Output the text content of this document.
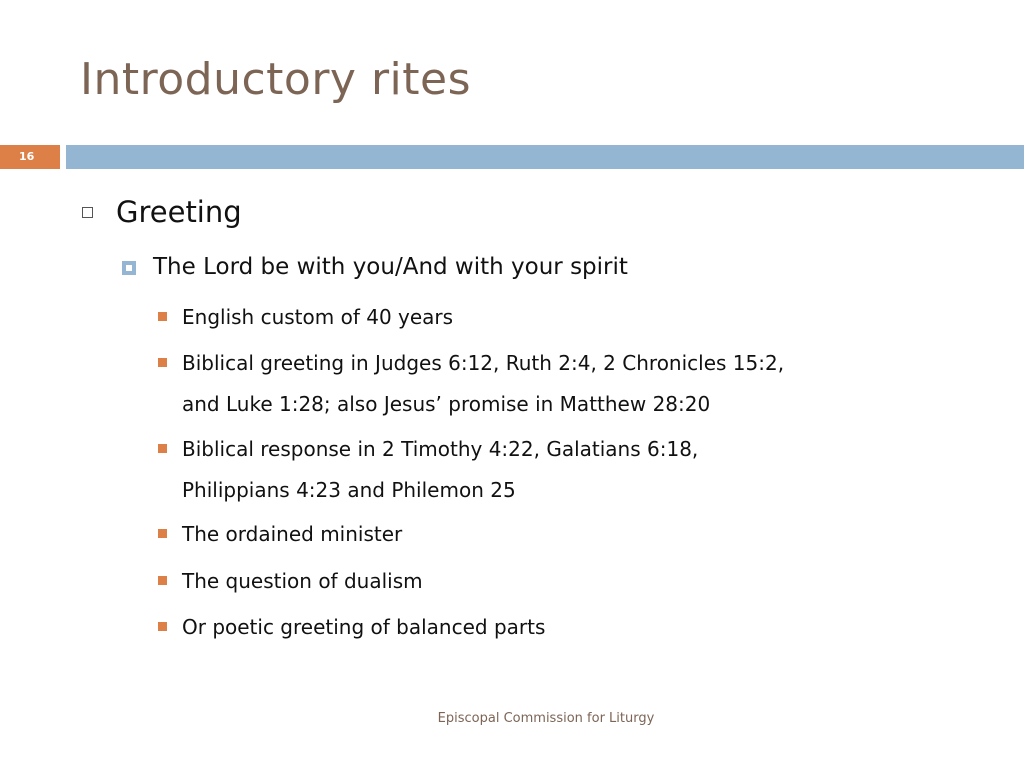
Introductory rites
16
Greeting
The Lord be with you/And with your spirit
English custom of 40 years
Biblical greeting in Judges 6:12, Ruth 2:4, 2 Chronicles 15:2,
and Luke 1:28; also Jesus’ promise in Matthew 28:20
Biblical response in 2 Timothy 4:22, Galatians 6:18,
Philippians 4:23 and Philemon 25
The ordained minister
The question of dualism
Or poetic greeting of balanced parts
Episcopal Commission for Liturgy
